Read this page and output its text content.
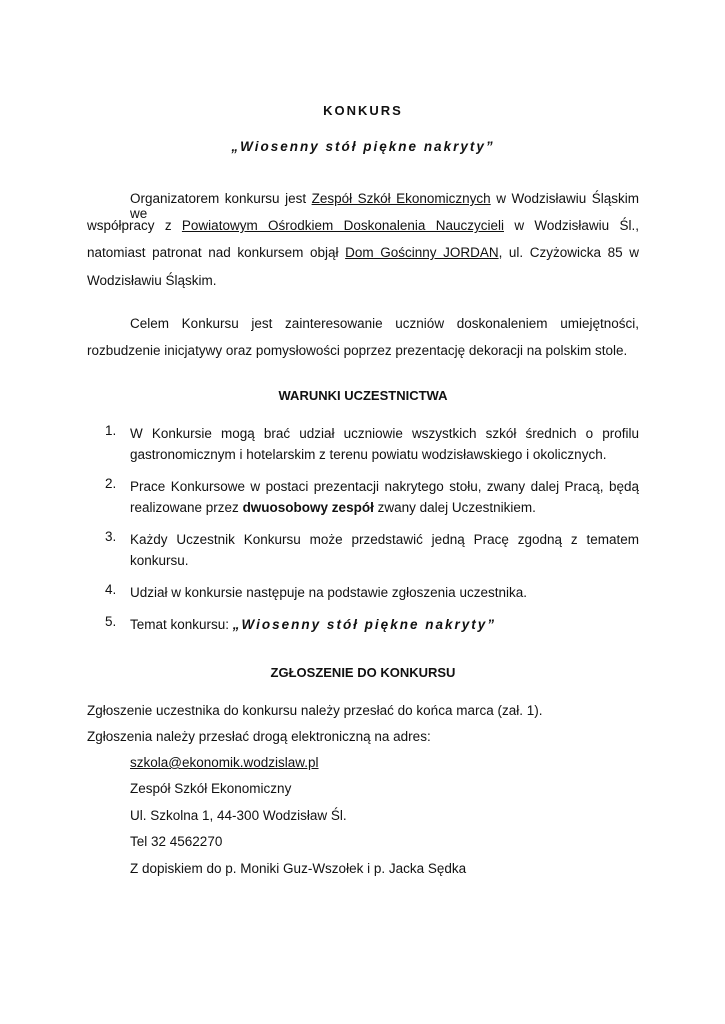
KONKURS
„Wiosenny stół piękne nakryty”
Organizatorem konkursu jest Zespół Szkół Ekonomicznych w Wodzisławiu Śląskim we
współpracy z Powiatowym Ośrodkiem Doskonalenia Nauczycieli w Wodzisławiu Śl.,
natomiast patronat nad konkursem objął Dom Gościnny JORDAN, ul. Czyżowicka 85 w
Wodzisławiu Śląskim.
Celem Konkursu jest zainteresowanie uczniów doskonaleniem umiejętności,
rozbudzenie inicjatywy oraz pomysłowości poprzez prezentację dekoracji na polskim stole.
WARUNKI UCZESTNICTWA
1.	W Konkursie mogą brać udział uczniowie wszystkich szkół średnich o profilu
gastronomicznym i hotelarskim z terenu powiatu wodzisławskiego i okolicznych.
2.	Prace Konkursowe w postaci prezentacji nakrytego stołu, zwany dalej Pracą, będą
realizowane przez dwuosobowy zespół zwany dalej Uczestnikiem.
3.	Każdy Uczestnik Konkursu może przedstawić jedną Pracę zgodną z tematem
konkursu.
4.	Udział w konkursie następuje na podstawie zgłoszenia uczestnika.
5.	Temat konkursu: „Wiosenny stół piękne nakryty”
ZGŁOSZENIE DO KONKURSU
Zgłoszenie uczestnika do konkursu należy przesłać do końca marca (zał. 1).
Zgłoszenia należy przesłać drogą elektroniczną na adres:
szkola@ekonomik.wodzislaw.pl
Zespół Szkół Ekonomiczny
Ul. Szkolna 1, 44-300 Wodzisław Śl.
Tel 32 4562270
Z dopiskiem do p. Moniki Guz-Wszołek i p. Jacka Sędka
